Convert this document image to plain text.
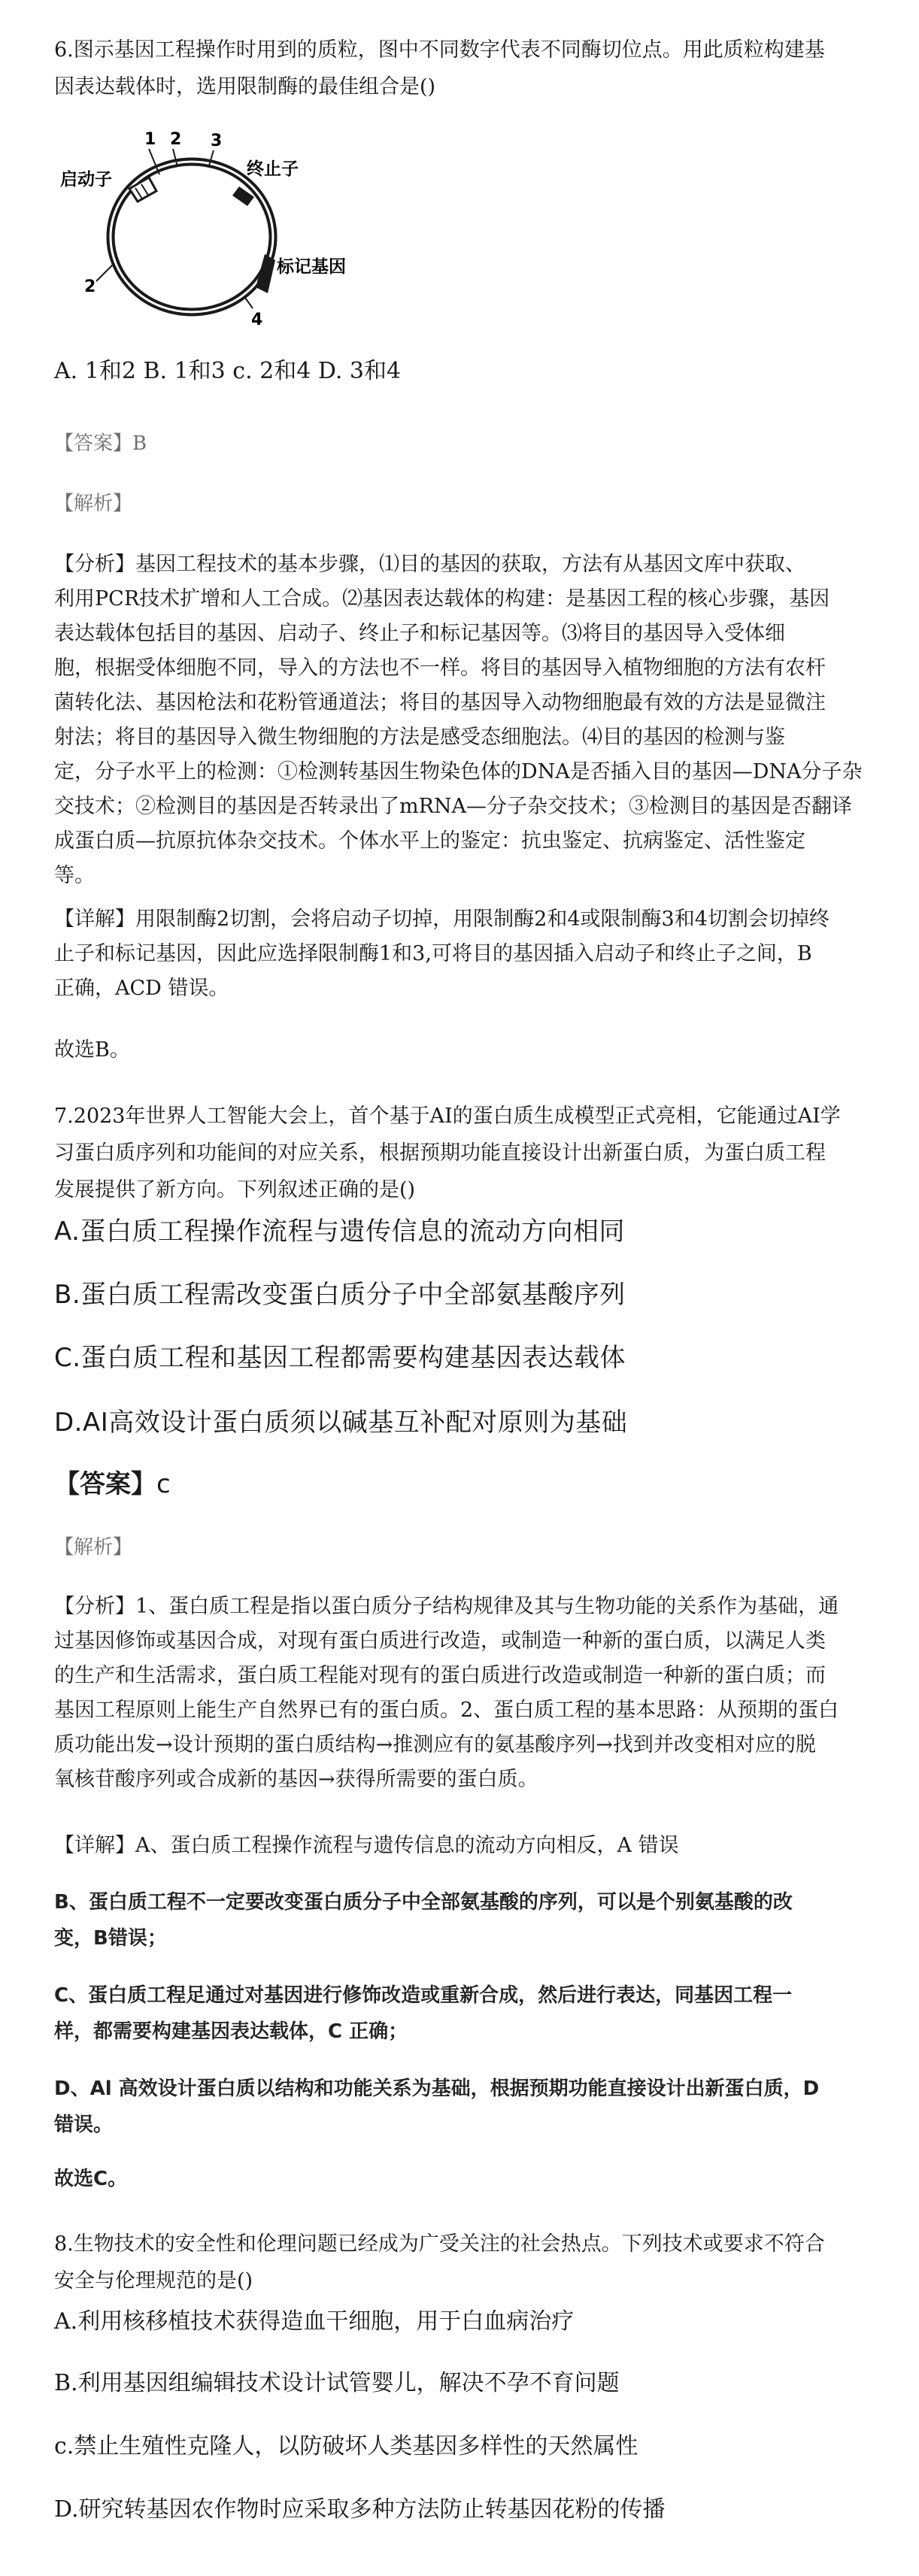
6.图示基因工程操作时用到的质粒，图中不同数字代表不同酶切位点。用此质粒构建基
因表达载体时，选用限制酶的最佳组合是()

1 2 3
2
4
启动子
终止子
标记基因

A. 1和2 B. 1和3 c. 2和4 D. 3和4

【答案】B

【解析】

【分析】基因工程技术的基本步骤，⑴目的基因的获取，方法有从基因文库中获取、
利用PCR技术扩增和人工合成。⑵基因表达载体的构建：是基因工程的核心步骤，基因
表达载体包括目的基因、启动子、终止子和标记基因等。⑶将目的基因导入受体细
胞，根据受体细胞不同，导入的方法也不一样。将目的基因导入植物细胞的方法有农杆
菌转化法、基因枪法和花粉管通道法；将目的基因导入动物细胞最有效的方法是显微注
射法；将目的基因导入微生物细胞的方法是感受态细胞法。⑷目的基因的检测与鉴
定，分子水平上的检测：①检测转基因生物染色体的DNA是否插入目的基因—DNA分子杂
交技术；②检测目的基因是否转录出了mRNA—分子杂交技术；③检测目的基因是否翻译
成蛋白质—抗原抗体杂交技术。个体水平上的鉴定：抗虫鉴定、抗病鉴定、活性鉴定
等。

【详解】用限制酶2切割，会将启动子切掉，用限制酶2和4或限制酶3和4切割会切掉终
止子和标记基因，因此应选择限制酶1和3,可将目的基因插入启动子和终止子之间，B
正确，ACD 错误。

故选B。

7.2023年世界人工智能大会上，首个基于AI的蛋白质生成模型正式亮相，它能通过AI学
习蛋白质序列和功能间的对应关系，根据预期功能直接设计出新蛋白质，为蛋白质工程
发展提供了新方向。下列叙述正确的是()

A.蛋白质工程操作流程与遗传信息的流动方向相同

B.蛋白质工程需改变蛋白质分子中全部氨基酸序列

C.蛋白质工程和基因工程都需要构建基因表达载体

D.AI高效设计蛋白质须以碱基互补配对原则为基础

【答案】c

【解析】

【分析】1、蛋白质工程是指以蛋白质分子结构规律及其与生物功能的关系作为基础，通
过基因修饰或基因合成，对现有蛋白质进行改造，或制造一种新的蛋白质，以满足人类
的生产和生活需求，蛋白质工程能对现有的蛋白质进行改造或制造一种新的蛋白质；而
基因工程原则上能生产自然界已有的蛋白质。2、蛋白质工程的基本思路：从预期的蛋白
质功能出发→设计预期的蛋白质结构→推测应有的氨基酸序列→找到并改变相对应的脱
氧核苷酸序列或合成新的基因→获得所需要的蛋白质。

【详解】A、蛋白质工程操作流程与遗传信息的流动方向相反，A 错误

B、蛋白质工程不一定要改变蛋白质分子中全部氨基酸的序列，可以是个别氨基酸的改
变，B错误；

C、蛋白质工程足通过对基因进行修饰改造或重新合成，然后进行表达，同基因工程一
样，都需要构建基因表达载体，C 正确；

D、Al 高效设计蛋白质以结构和功能关系为基础，根据预期功能直接设计出新蛋白质，D
错误。

故选C。

8.生物技术的安全性和伦理问题已经成为广受关注的社会热点。下列技术或要求不符合
安全与伦理规范的是()

A.利用核移植技术获得造血干细胞，用于白血病治疗

B.利用基因组编辑技术设计试管婴儿，解决不孕不育问题

c.禁止生殖性克隆人，以防破坏人类基因多样性的天然属性

D.研究转基因农作物时应采取多种方法防止转基因花粉的传播
